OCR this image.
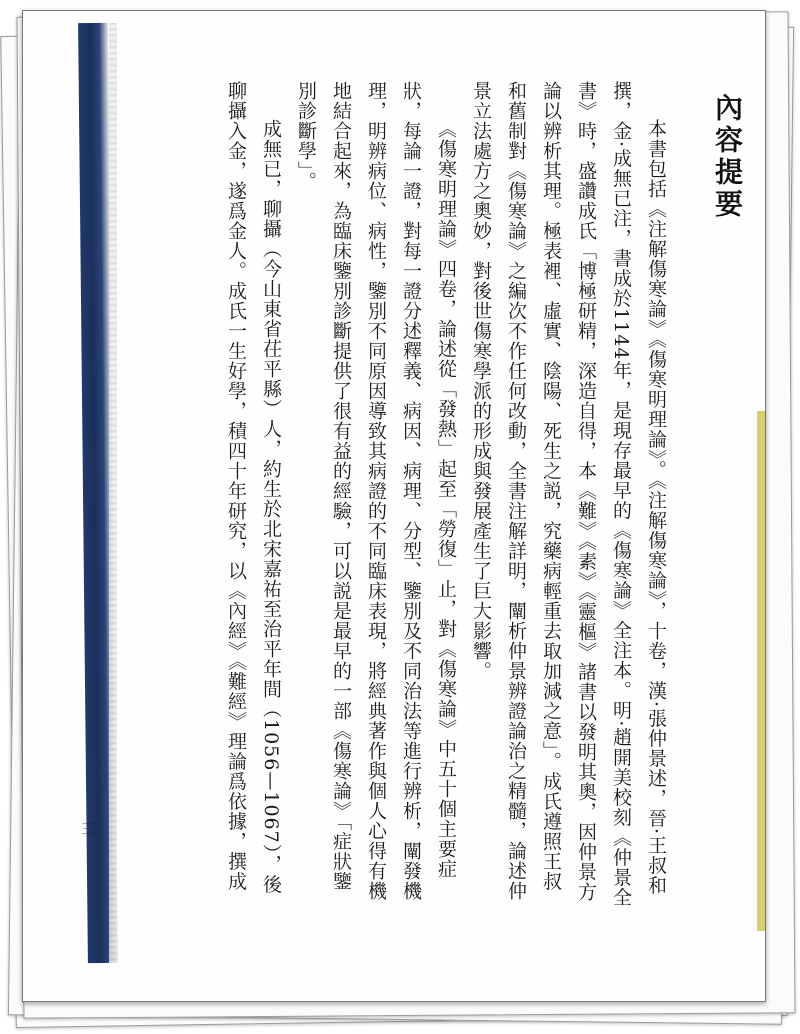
內容提要

本書包括《注解傷寒論》《傷寒明理論》。《注解傷寒論》，十卷，漢·張仲景述，晉·王叔和撰，金·成無已注，書成於1144年，是現存最早的《傷寒論》全注本。明·趙開美校刻《仲景全書》時，盛讚成氏「博極研精，深造自得，本《難》《素》《靈樞》諸書以發明其奧，因仲景方論以辨析其理。極表裡、虛實、陰陽、死生之説，究藥病輕重去取加減之意」。成氏遵照王叔和舊制對《傷寒論》之編次不作任何改動，全書注解詳明，闡析仲景辨證論治之精髓，論述仲景立法處方之奧妙，對後世傷寒學派的形成與發展產生了巨大影響。

《傷寒明理論》四卷，論述從「發熱」起至「勞復」止，對《傷寒論》中五十個主要症狀，每論一證，對每一證分述釋義、病因、病理、分型、鑒別及不同治法等進行辨析，闡發機理，明辨病位、病性，鑒別不同原因導致其病證的不同臨床表現，將經典著作與個人心得有機地結合起來，為臨床鑒別診斷提供了很有益的經驗，可以説是最早的一部《傷寒論》「症狀鑒別診斷學」。

成無已，聊攝（今山東省茌平縣）人，約生於北宋嘉祐至治平年間（1056—1067），後聊攝入金，遂爲金人。成氏一生好學，積四十年研究，以《內經》《難經》理論爲依據，撰成

三
